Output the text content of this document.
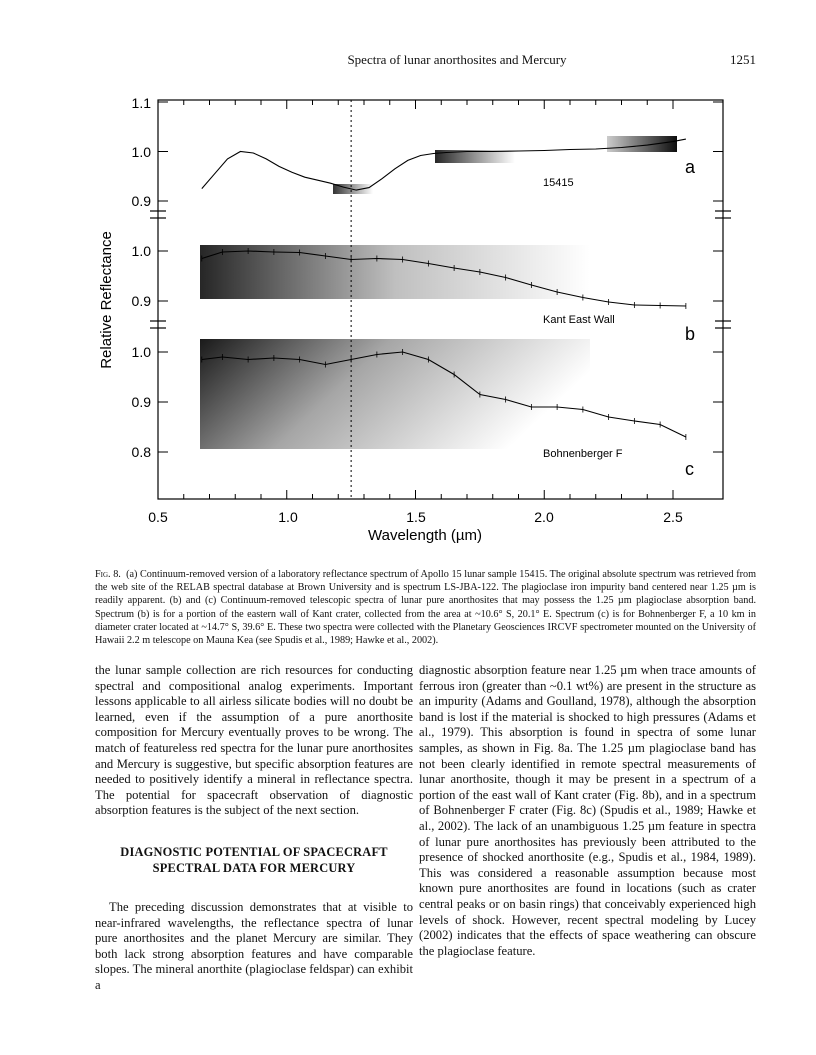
Spectra of lunar anorthosites and Mercury	1251
1.1
1.0
0.9
1.0
0.9
1.0
0.9
0.8
0.5	1.0	1.5	2.0	2.5
Wavelength (µm)
Relative Reflectance
15415
Kant East Wall
Bohnenberger F
a
b
c
Fig. 8. (a) Continuum-removed version of a laboratory reflectance spectrum of Apollo 15 lunar sample 15415. The original absolute spectrum was retrieved from the web site of the RELAB spectral database at Brown University and is spectrum LS-JBA-122. The plagioclase iron impurity band centered near 1.25 µm is readily apparent. (b) and (c) Continuum-removed telescopic spectra of lunar pure anorthosites that may possess the 1.25 µm plagioclase absorption band. Spectrum (b) is for a portion of the eastern wall of Kant crater, collected from the area at ~10.6° S, 20.1° E. Spectrum (c) is for Bohnenberger F, a 10 km in diameter crater located at ~14.7° S, 39.6° E. These two spectra were collected with the Planetary Geosciences IRCVF spectrometer mounted on the University of Hawaii 2.2 m telescope on Mauna Kea (see Spudis et al., 1989; Hawke et al., 2002).

the lunar sample collection are rich resources for conducting spectral and compositional analog experiments. Important lessons applicable to all airless silicate bodies will no doubt be learned, even if the assumption of a pure anorthosite composition for Mercury eventually proves to be wrong. The match of featureless red spectra for the lunar pure anorthosites and Mercury is suggestive, but specific absorption features are needed to positively identify a mineral in reflectance spectra. The potential for spacecraft observation of diagnostic absorption features is the subject of the next section.

DIAGNOSTIC POTENTIAL OF SPACECRAFT
SPECTRAL DATA FOR MERCURY

The preceding discussion demonstrates that at visible to near-infrared wavelengths, the reflectance spectra of lunar pure anorthosites and the planet Mercury are similar. They both lack strong absorption features and have comparable slopes. The mineral anorthite (plagioclase feldspar) can exhibit a

diagnostic absorption feature near 1.25 µm when trace amounts of ferrous iron (greater than ~0.1 wt%) are present in the structure as an impurity (Adams and Goulland, 1978), although the absorption band is lost if the material is shocked to high pressures (Adams et al., 1979). This absorption is found in spectra of some lunar samples, as shown in Fig. 8a. The 1.25 µm plagioclase band has not been clearly identified in remote spectral measurements of lunar anorthosite, though it may be present in a spectrum of a portion of the east wall of Kant crater (Fig. 8b), and in a spectrum of Bohnenberger F crater (Fig. 8c) (Spudis et al., 1989; Hawke et al., 2002). The lack of an unambiguous 1.25 µm feature in spectra of lunar pure anorthosites has previously been attributed to the presence of shocked anorthosite (e.g., Spudis et al., 1984, 1989). This was considered a reasonable assumption because most known pure anorthosites are found in locations (such as crater central peaks or on basin rings) that conceivably experienced high levels of shock. However, recent spectral modeling by Lucey (2002) indicates that the effects of space weathering can obscure the plagioclase feature.
